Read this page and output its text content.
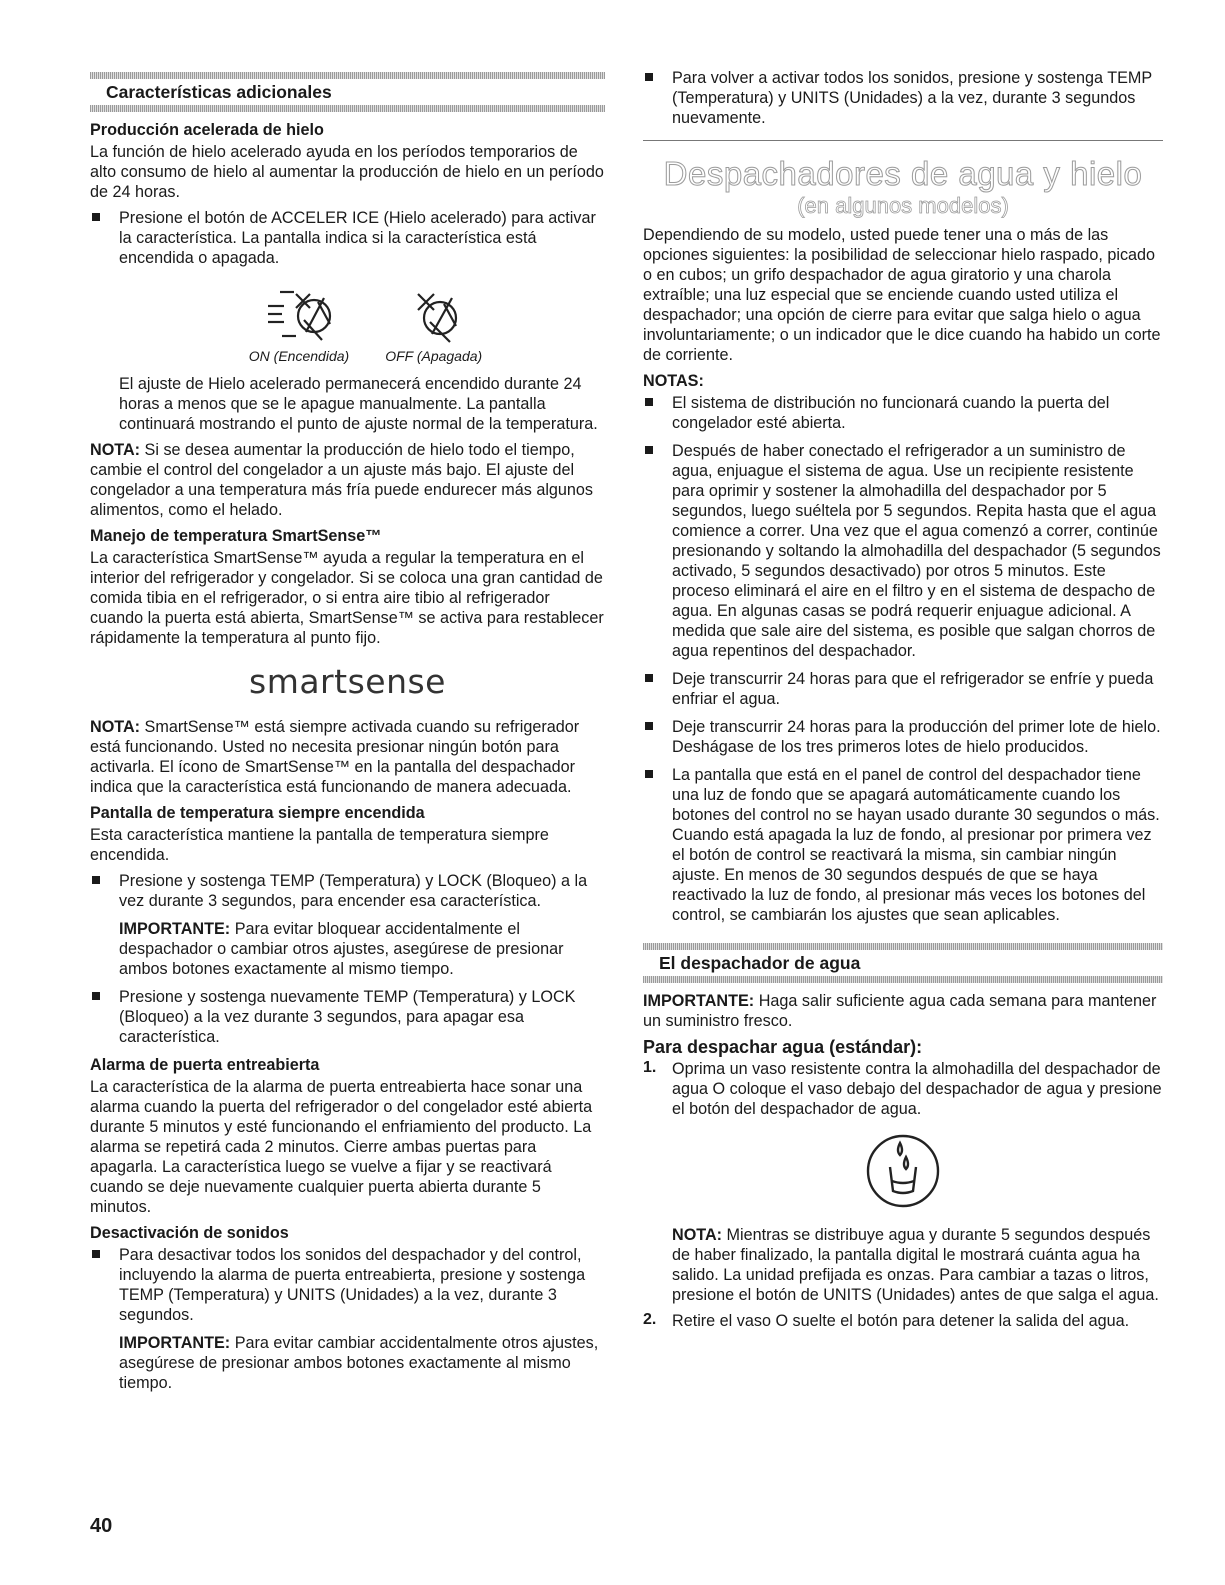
Características adicionales
Producción acelerada de hielo

La función de hielo acelerado ayuda en los períodos temporarios de alto consumo de hielo al aumentar la producción de hielo en un período de 24 horas.

Presione el botón de ACCELER ICE (Hielo acelerado) para activar la característica. La pantalla indica si la característica está encendida o apagada.

ON (Encendida)	OFF (Apagada)

El ajuste de Hielo acelerado permanecerá encendido durante 24 horas a menos que se le apague manualmente. La pantalla continuará mostrando el punto de ajuste normal de la temperatura.

NOTA: Si se desea aumentar la producción de hielo todo el tiempo, cambie el control del congelador a un ajuste más bajo. El ajuste del congelador a una temperatura más fría puede endurecer más algunos alimentos, como el helado.

Manejo de temperatura SmartSense™

La característica SmartSense™ ayuda a regular la temperatura en el interior del refrigerador y congelador. Si se coloca una gran cantidad de comida tibia en el refrigerador, o si entra aire tibio al refrigerador cuando la puerta está abierta, SmartSense™ se activa para restablecer rápidamente la temperatura al punto fijo.

smartsense

NOTA: SmartSense™ está siempre activada cuando su refrigerador está funcionando. Usted no necesita presionar ningún botón para activarla. El ícono de SmartSense™ en la pantalla del despachador indica que la característica está funcionando de manera adecuada.

Pantalla de temperatura siempre encendida

Esta característica mantiene la pantalla de temperatura siempre encendida.

Presione y sostenga TEMP (Temperatura) y LOCK (Bloqueo) a la vez durante 3 segundos, para encender esa característica.

IMPORTANTE: Para evitar bloquear accidentalmente el despachador o cambiar otros ajustes, asegúrese de presionar ambos botones exactamente al mismo tiempo.

Presione y sostenga nuevamente TEMP (Temperatura) y LOCK (Bloqueo) a la vez durante 3 segundos, para apagar esa característica.

Alarma de puerta entreabierta

La característica de la alarma de puerta entreabierta hace sonar una alarma cuando la puerta del refrigerador o del congelador esté abierta durante 5 minutos y esté funcionando el enfriamiento del producto. La alarma se repetirá cada 2 minutos. Cierre ambas puertas para apagarla. La característica luego se vuelve a fijar y se reactivará cuando se deje nuevamente cualquier puerta abierta durante 5 minutos.

Desactivación de sonidos

Para desactivar todos los sonidos del despachador y del control, incluyendo la alarma de puerta entreabierta, presione y sostenga TEMP (Temperatura) y UNITS (Unidades) a la vez, durante 3 segundos.

IMPORTANTE: Para evitar cambiar accidentalmente otros ajustes, asegúrese de presionar ambos botones exactamente al mismo tiempo.

Para volver a activar todos los sonidos, presione y sostenga TEMP (Temperatura) y UNITS (Unidades) a la vez, durante 3 segundos nuevamente.

Despachadores de agua y hielo
(en algunos modelos)

Dependiendo de su modelo, usted puede tener una o más de las opciones siguientes: la posibilidad de seleccionar hielo raspado, picado o en cubos; un grifo despachador de agua giratorio y una charola extraíble; una luz especial que se enciende cuando usted utiliza el despachador; una opción de cierre para evitar que salga hielo o agua involuntariamente; o un indicador que le dice cuando ha habido un corte de corriente.

NOTAS:

El sistema de distribución no funcionará cuando la puerta del congelador esté abierta.

Después de haber conectado el refrigerador a un suministro de agua, enjuague el sistema de agua. Use un recipiente resistente para oprimir y sostener la almohadilla del despachador por 5 segundos, luego suéltela por 5 segundos. Repita hasta que el agua comience a correr. Una vez que el agua comenzó a correr, continúe presionando y soltando la almohadilla del despachador (5 segundos activado, 5 segundos desactivado) por otros 5 minutos. Este proceso eliminará el aire en el filtro y en el sistema de despacho de agua. En algunas casas se podrá requerir enjuague adicional. A medida que sale aire del sistema, es posible que salgan chorros de agua repentinos del despachador.

Deje transcurrir 24 horas para que el refrigerador se enfríe y pueda enfriar el agua.

Deje transcurrir 24 horas para la producción del primer lote de hielo. Deshágase de los tres primeros lotes de hielo producidos.

La pantalla que está en el panel de control del despachador tiene una luz de fondo que se apagará automáticamente cuando los botones del control no se hayan usado durante 30 segundos o más. Cuando está apagada la luz de fondo, al presionar por primera vez el botón de control se reactivará la misma, sin cambiar ningún ajuste. En menos de 30 segundos después de que se haya reactivado la luz de fondo, al presionar más veces los botones del control, se cambiarán los ajustes que sean aplicables.

El despachador de agua

IMPORTANTE: Haga salir suficiente agua cada semana para mantener un suministro fresco.

Para despachar agua (estándar):
1. Oprima un vaso resistente contra la almohadilla del despachador de agua O coloque el vaso debajo del despachador de agua y presione el botón del despachador de agua.

NOTA: Mientras se distribuye agua y durante 5 segundos después de haber finalizado, la pantalla digital le mostrará cuánta agua ha salido. La unidad prefijada es onzas. Para cambiar a tazas o litros, presione el botón de UNITS (Unidades) antes de que salga el agua.

2. Retire el vaso O suelte el botón para detener la salida del agua.

40
